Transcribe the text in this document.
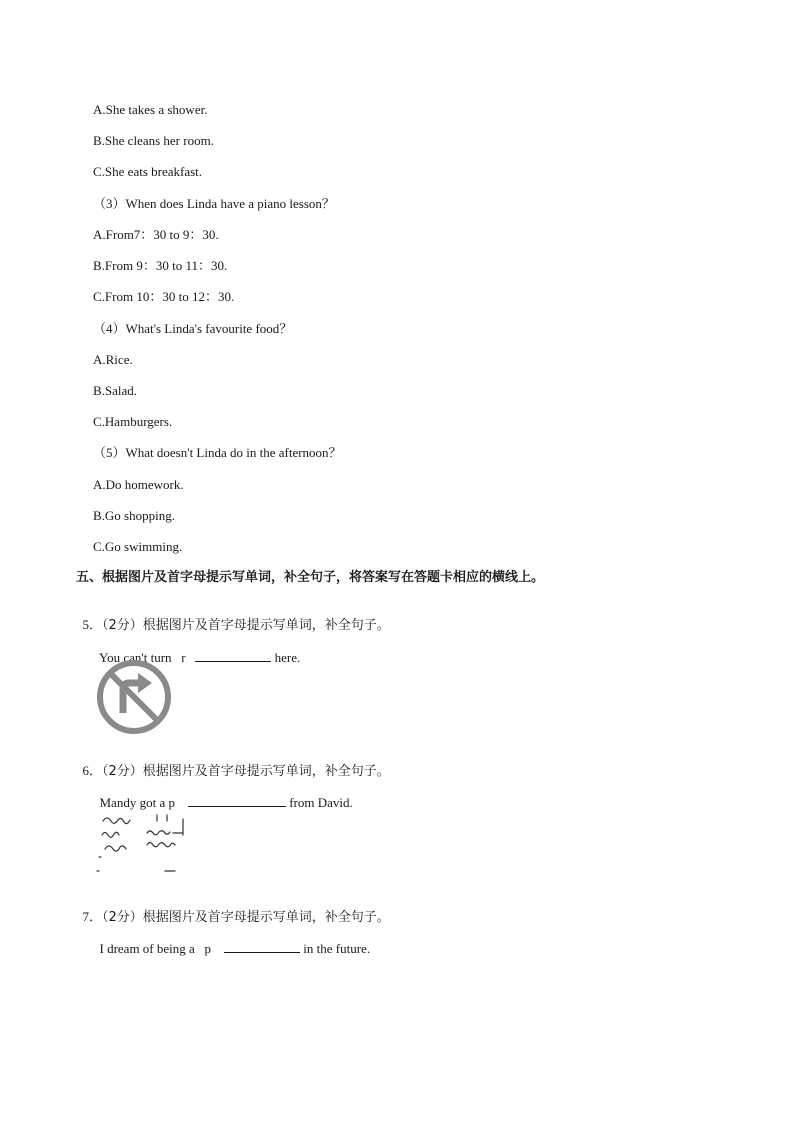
A.She takes a shower.
B.She cleans her room.
C.She eats breakfast.
（3）When does Linda have a piano lesson？
A.From7：30 to 9：30.
B.From 9：30 to 11：30.
C.From 10：30 to 12：30.
（4）What's Linda's favourite food？
A.Rice.
B.Salad.
C.Hamburgers.
（5）What doesn't Linda do in the afternoon？
A.Do homework.
B.Go shopping.
C.Go swimming.
五、根据图片及首字母提示写单词，补全句子，将答案写在答题卡相应的横线上。

5．（2分）根据图片及首字母提示写单词，补全句子。

You can't turn   r	here.

6．（2分）根据图片及首字母提示写单词，补全句子。

Mandy got a p	from David.

7．（2分）根据图片及首字母提示写单词，补全句子。

I dream of being a   p	in the future.
